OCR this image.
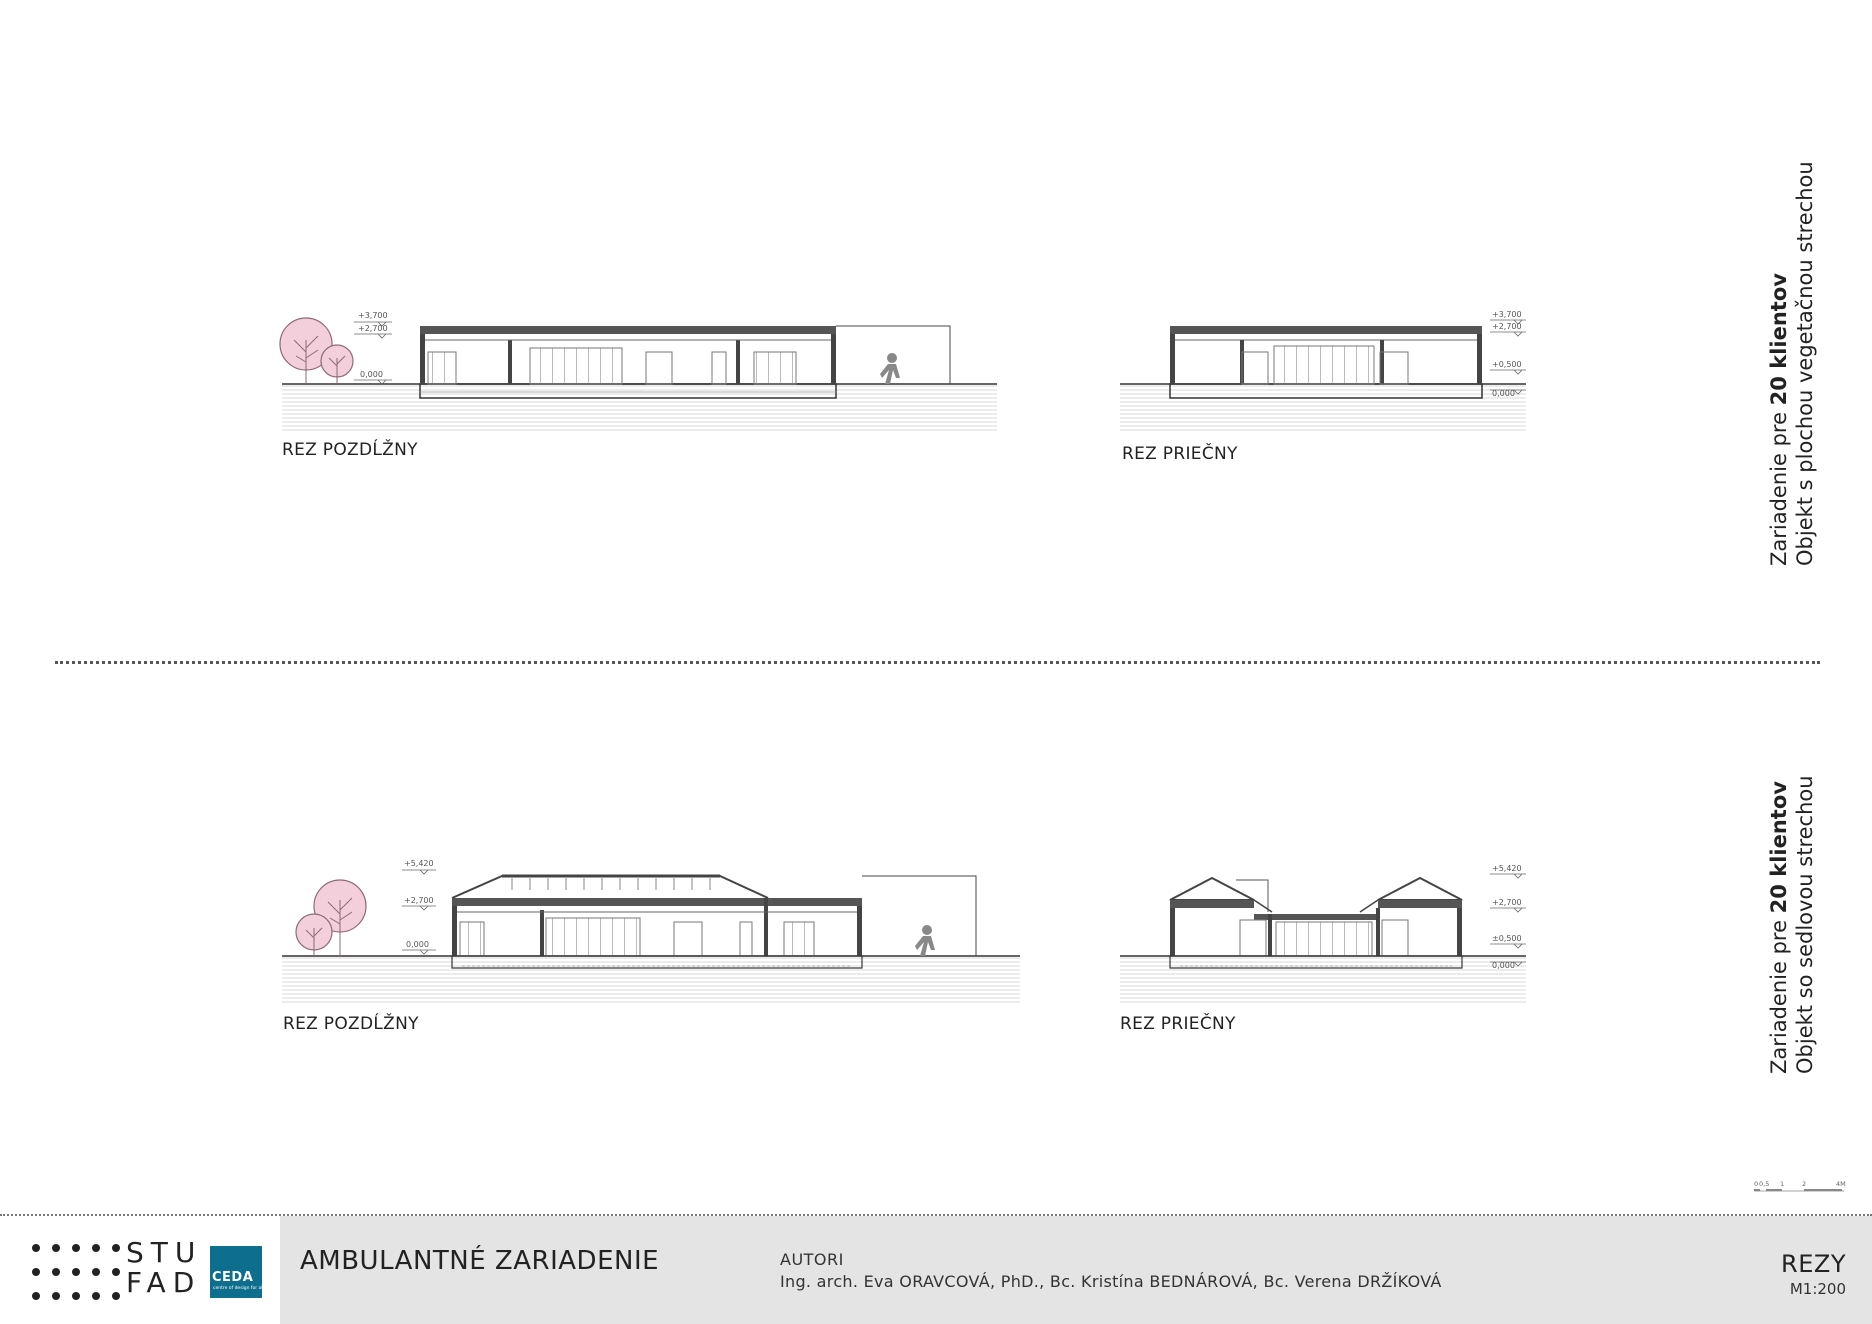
+3,700
+2,700
0,000
+3,700
+2,700
+0,500
0,000
+5,420
+2,700
0,000
+5,420
+2,700
±0,500
0,000
REZ POZDĹŽNY	REZ PRIEČNY
REZ POZDĹŽNY	REZ PRIEČNY
Zariadenie pre 20 klientov Objekt s plochou vegetačnou strechou
Zariadenie pre 20 klientov Objekt so sedlovou strechou
0 0,5 1	2	4M
STU
FAD CEDA
centre of design for all
AMBULANTNÉ ZARIADENIE	AUTORI
Ing. arch. Eva ORAVCOVÁ, PhD., Bc. Kristína BEDNÁROVÁ, Bc. Verena DRŽÍKOVÁ
REZY
M1:200
